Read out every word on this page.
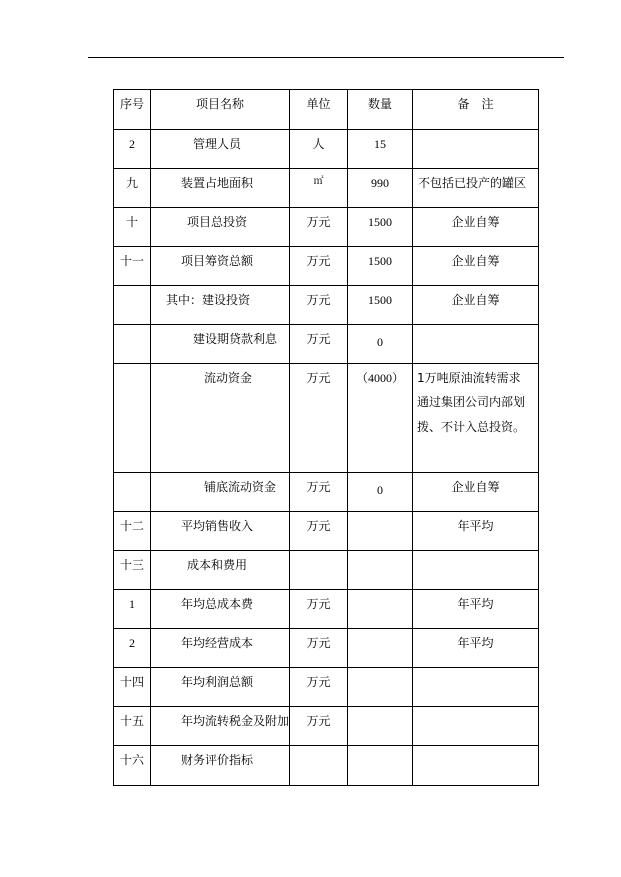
序号	项目名称	单位	数量	备　注

2	管理人员	人	15	

九	装置占地面积	㎡	990	不包括已投产的罐区

十	项目总投资	万元	1500	企业自筹

十一	项目筹资总额	万元	1500	企业自筹

	其中：建设投资	万元	1500	企业自筹

	建设期贷款利息	万元	0	

	流动资金	万元	（4000）	1万吨原油流转需求
通过集团公司内部划
拨、不计入总投资。

	铺底流动资金	万元	0	企业自筹

十二	平均销售收入	万元		年平均

十三	成本和费用			

1	年均总成本费	万元		年平均

2	年均经营成本	万元		年平均

十四	年均利润总额	万元		

十五	年均流转税金及附加	万元		

十六	财务评价指标			
